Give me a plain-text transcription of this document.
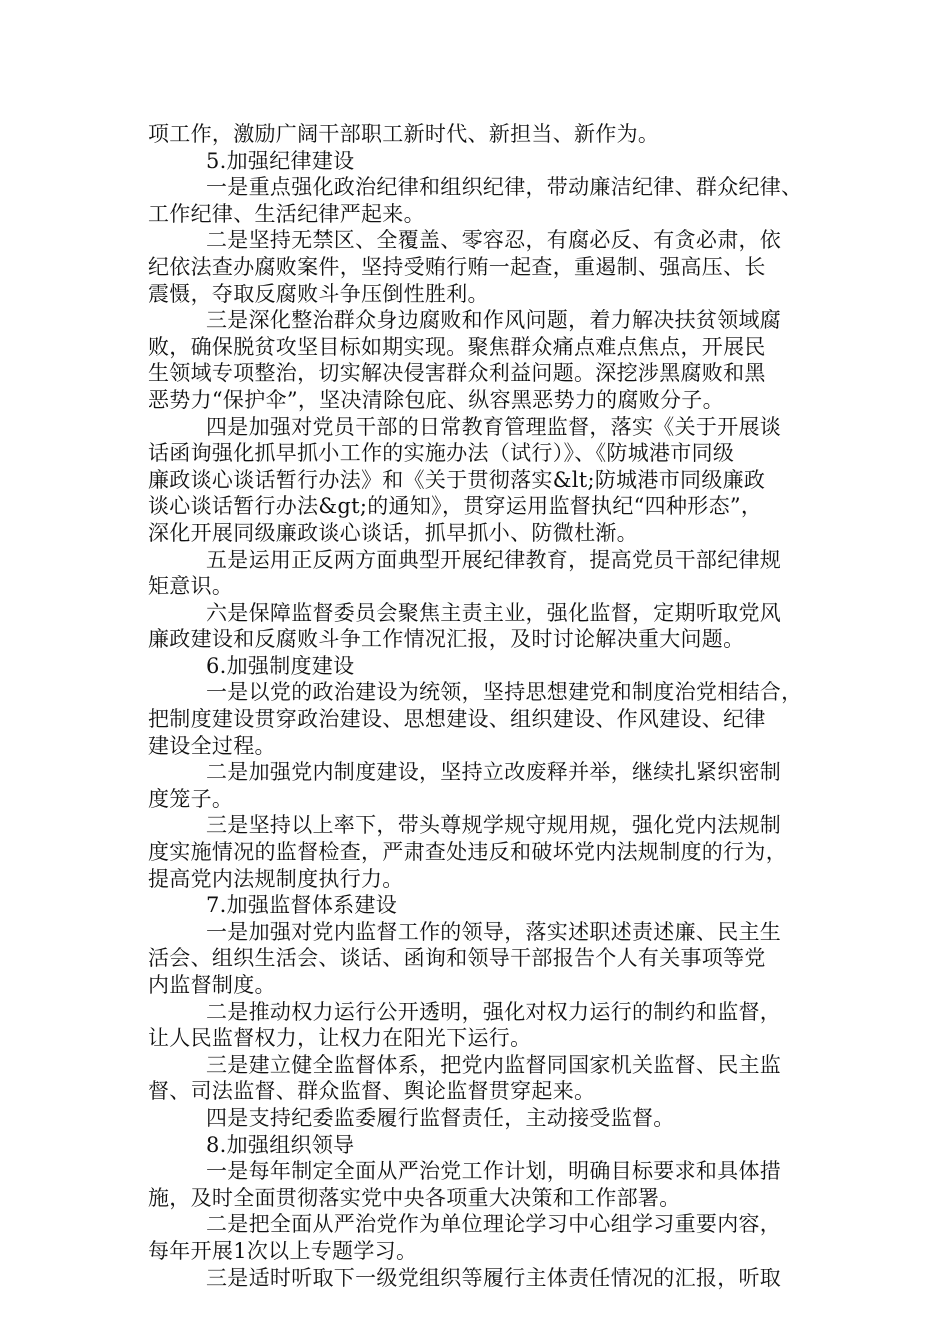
项工作，激励广阔干部职工新时代、新担当、新作为。
5.加强纪律建设
一是重点强化政治纪律和组织纪律，带动廉洁纪律、群众纪律、
工作纪律、生活纪律严起来。
二是坚持无禁区、全覆盖、零容忍，有腐必反、有贪必肃，依
纪依法查办腐败案件，坚持受贿行贿一起查，重遏制、强高压、长
震慑，夺取反腐败斗争压倒性胜利。
三是深化整治群众身边腐败和作风问题，着力解决扶贫领域腐
败，确保脱贫攻坚目标如期实现。聚焦群众痛点难点焦点，开展民
生领域专项整治，切实解决侵害群众利益问题。深挖涉黑腐败和黑
恶势力“保护伞”，坚决清除包庇、纵容黑恶势力的腐败分子。
四是加强对党员干部的日常教育管理监督，落实《关于开展谈
话函询强化抓早抓小工作的实施办法（试行）》、《防城港市同级
廉政谈心谈话暂行办法》和《关于贯彻落实&lt;防城港市同级廉政
谈心谈话暂行办法&gt;的通知》，贯穿运用监督执纪“四种形态”，
深化开展同级廉政谈心谈话，抓早抓小、防微杜渐。
五是运用正反两方面典型开展纪律教育，提高党员干部纪律规
矩意识。
六是保障监督委员会聚焦主责主业，强化监督，定期听取党风
廉政建设和反腐败斗争工作情况汇报，及时讨论解决重大问题。
6.加强制度建设
一是以党的政治建设为统领，坚持思想建党和制度治党相结合，
把制度建设贯穿政治建设、思想建设、组织建设、作风建设、纪律
建设全过程。
二是加强党内制度建设，坚持立改废释并举，继续扎紧织密制
度笼子。
三是坚持以上率下，带头尊规学规守规用规，强化党内法规制
度实施情况的监督检查，严肃查处违反和破坏党内法规制度的行为，
提高党内法规制度执行力。
7.加强监督体系建设
一是加强对党内监督工作的领导，落实述职述责述廉、民主生
活会、组织生活会、谈话、函询和领导干部报告个人有关事项等党
内监督制度。
二是推动权力运行公开透明，强化对权力运行的制约和监督，
让人民监督权力，让权力在阳光下运行。
三是建立健全监督体系，把党内监督同国家机关监督、民主监
督、司法监督、群众监督、舆论监督贯穿起来。
四是支持纪委监委履行监督责任，主动接受监督。
8.加强组织领导
一是每年制定全面从严治党工作计划，明确目标要求和具体措
施，及时全面贯彻落实党中央各项重大决策和工作部署。
二是把全面从严治党作为单位理论学习中心组学习重要内容，
每年开展1次以上专题学习。
三是适时听取下一级党组织等履行主体责任情况的汇报，听取
